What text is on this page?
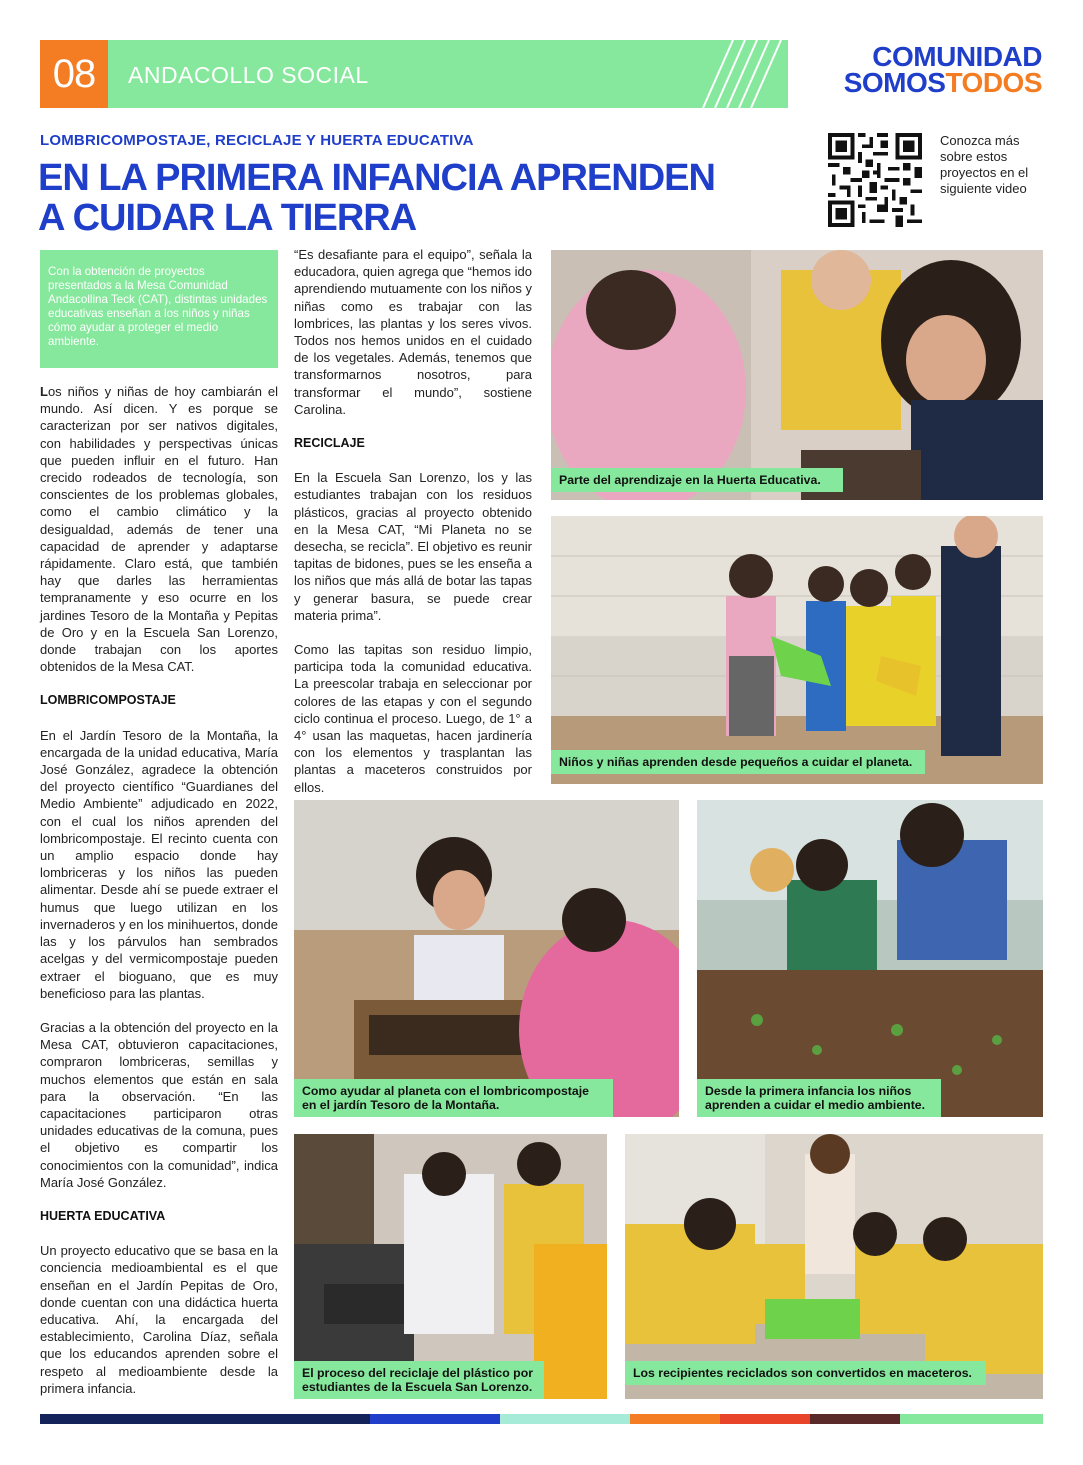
08	ANDACOLLO SOCIAL
COMUNIDAD
SOMOSTODOS
LOMBRICOMPOSTAJE, RECICLAJE Y HUERTA EDUCATIVA
EN LA PRIMERA INFANCIA APRENDEN
A CUIDAR LA TIERRA
Conozca más sobre estos proyectos en el siguiente video
Con la obtención de proyectos presentados a la Mesa Comunidad Andacollina Teck (CAT), distintas unidades educativas enseñan a los niños y niñas cómo ayudar a proteger el medio ambiente.

Los niños y niñas de hoy cambiarán el mundo. Así dicen. Y es porque se caracterizan por ser nativos digitales, con habilidades y perspectivas únicas que pueden influir en el futuro. Han crecido rodeados de tecnología, son conscientes de los problemas globales, como el cambio climático y la desigualdad, además de tener una capacidad de aprender y adaptarse rápidamente. Claro está, que también hay que darles las herramientas tempranamente y eso ocurre en los jardines Tesoro de la Montaña y Pepitas de Oro y en la Escuela San Lorenzo, donde trabajan con los aportes obtenidos de la Mesa CAT.

LOMBRICOMPOSTAJE

En el Jardín Tesoro de la Montaña, la encargada de la unidad educativa, María José González, agradece la obtención del proyecto científico “Guardianes del Medio Ambiente” adjudicado en 2022, con el cual los niños aprenden del lombricompostaje. El recinto cuenta con un amplio espacio donde hay lombriceras y los niños las pueden alimentar. Desde ahí se puede extraer el humus que luego utilizan en los invernaderos y en los minihuertos, donde las y los párvulos han sembrados acelgas y del vermicompostaje pueden extraer el bioguano, que es muy beneficioso para las plantas.

Gracias a la obtención del proyecto en la Mesa CAT, obtuvieron capacitaciones, compraron lombriceras, semillas y muchos elementos que están en sala para la observación. “En las capacitaciones participaron otras unidades educativas de la comuna, pues el objetivo es compartir los conocimientos con la comunidad”, indica María José González.

HUERTA EDUCATIVA

Un proyecto educativo que se basa en la conciencia medioambiental es el que enseñan en el Jardín Pepitas de Oro, donde cuentan con una didáctica huerta educativa. Ahí, la encargada del establecimiento, Carolina Díaz, señala que los educandos aprenden sobre el respeto al medioambiente desde la primera infancia.

“Es desafiante para el equipo”, señala la educadora, quien agrega que “hemos ido aprendiendo mutuamente con los niños y niñas como es trabajar con las lombrices, las plantas y los seres vivos. Todos nos hemos unidos en el cuidado de los vegetales. Además, tenemos que transformarnos nosotros, para transformar el mundo”, sostiene Carolina.

RECICLAJE

En la Escuela San Lorenzo, los y las estudiantes trabajan con los residuos plásticos, gracias al proyecto obtenido en la Mesa CAT, “Mi Planeta no se desecha, se recicla”. El objetivo es reunir tapitas de bidones, pues se les enseña a los niños que más allá de botar las tapas y generar basura, se puede crear materia prima”.

Como las tapitas son residuo limpio, participa toda la comunidad educativa. La preescolar trabaja en seleccionar por colores de las etapas y con el segundo ciclo continua el proceso. Luego, de 1° a 4° usan las maquetas, hacen jardinería con los elementos y trasplantan las plantas a maceteros construidos por ellos.

Parte del aprendizaje en la Huerta Educativa.
Niños y niñas aprenden desde pequeños a cuidar el planeta.
Como ayudar al planeta con el lombricompostaje en el jardín Tesoro de la Montaña.
Desde la primera infancia los niños aprenden a cuidar el medio ambiente.
El proceso del reciclaje del plástico por estudiantes de la Escuela San Lorenzo.
Los recipientes reciclados son convertidos en maceteros.
